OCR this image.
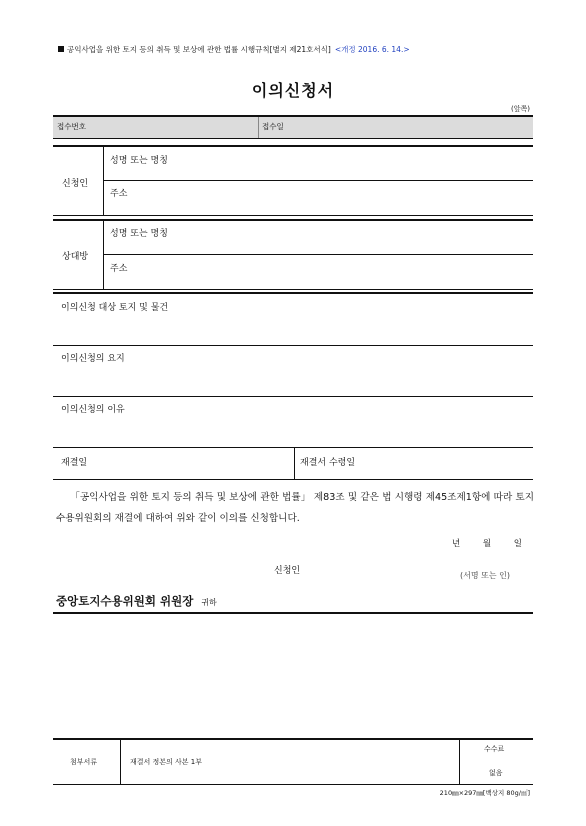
공익사업을 위한 토지 등의 취득 및 보상에 관한 법률 시행규칙[별지 제21호서식] <개정 2016. 6. 14.>
이의신청서
(앞쪽)
접수번호	접수일
신청인
성명 또는 명칭
주소
상대방
성명 또는 명칭
주소
이의신청 대상 토지 및 물건
이의신청의 요지
이의신청의 이유
재결일	재결서 수령일
「공익사업을 위한 토지 등의 취득 및 보상에 관한 법률」 제83조 및 같은 법 시행령 제45조제1항에 따라 토지수용위원회의 재결에 대하여 위와 같이 이의를 신청합니다.
년 월 일
신청인	(서명 또는 인)
중앙토지수용위원회 위원장 귀하
첨부서류	재결서 정본의 사본 1부
수수료
없음
210㎜×297㎜[백상지 80g/㎡]
